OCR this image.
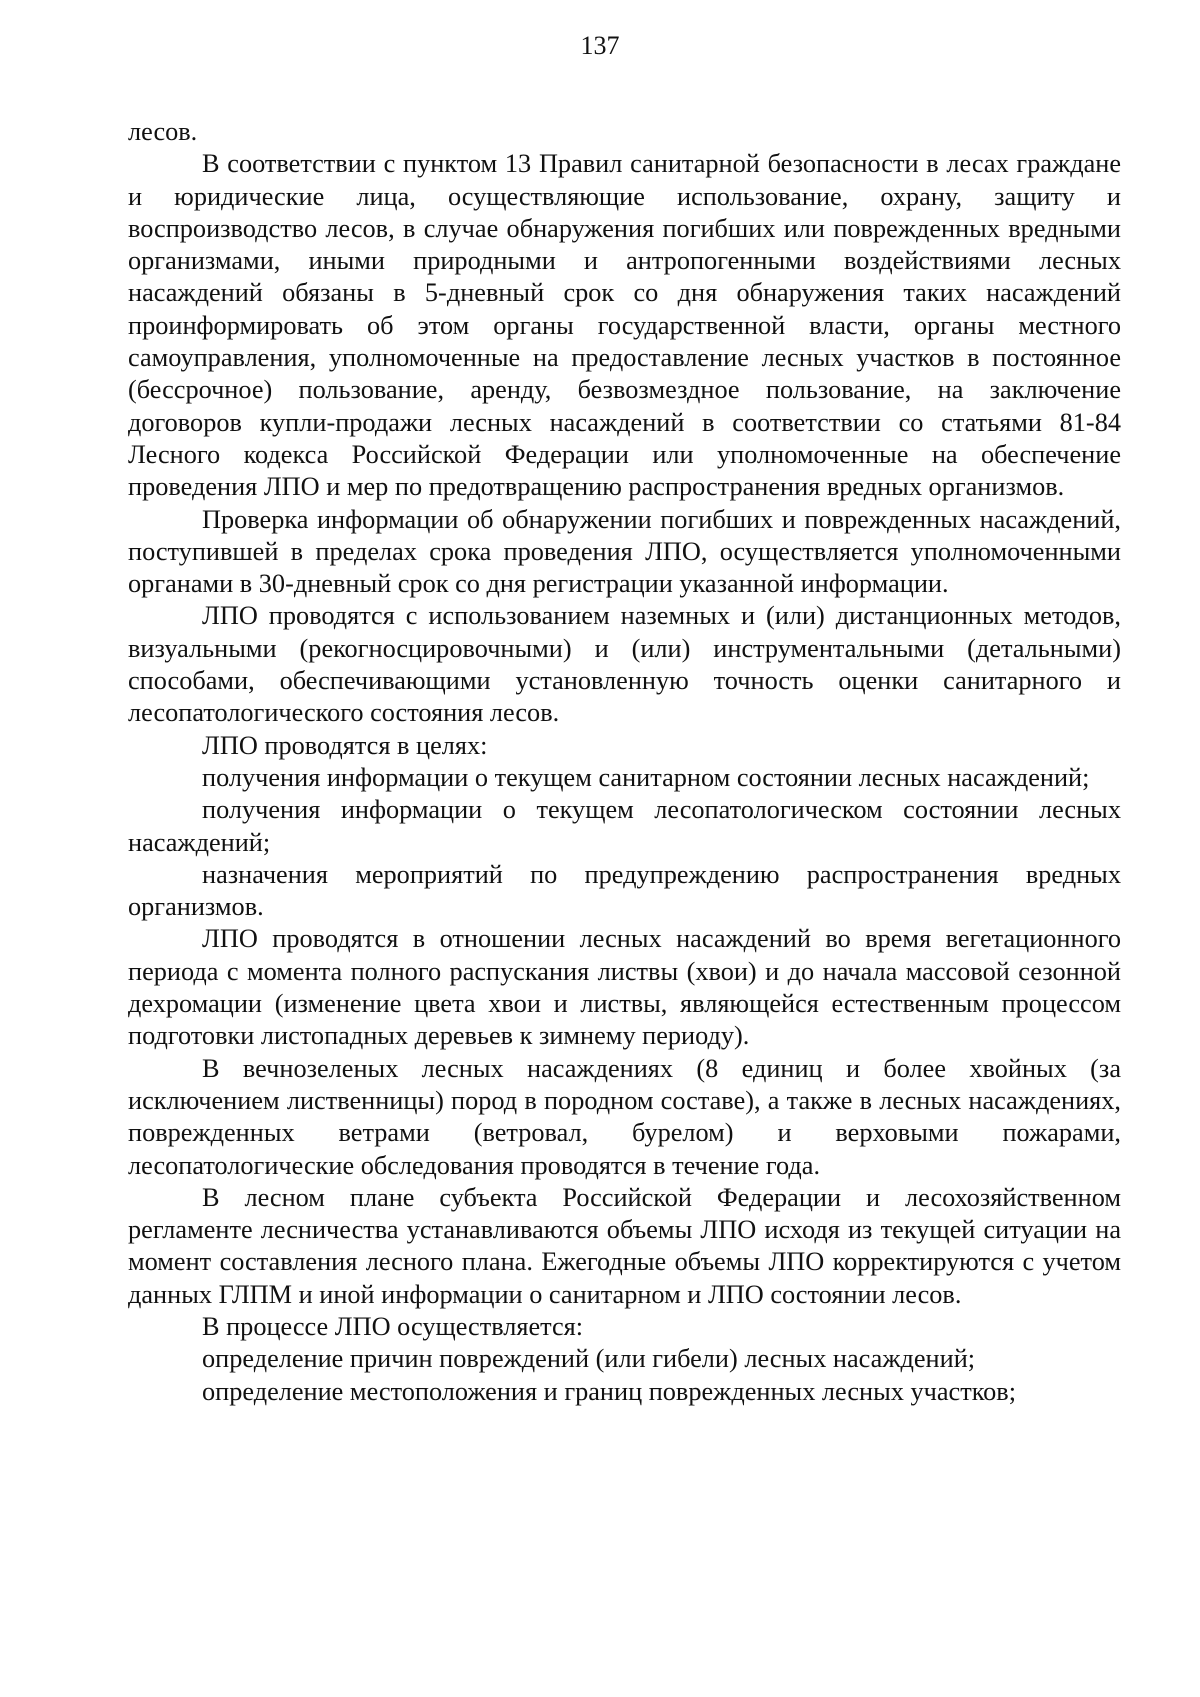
137

лесов.

В соответствии с пунктом 13 Правил санитарной безопасности в лесах граждане и юридические лица, осуществляющие использование, охрану, защиту и воспроизводство лесов, в случае обнаружения погибших или поврежденных вредными организмами, иными природными и антропогенными воздействиями лесных насаждений обязаны в 5-дневный срок со дня обнаружения таких насаждений проинформировать об этом органы государственной власти, органы местного самоуправления, уполномоченные на предоставление лесных участков в постоянное (бессрочное) пользование, аренду, безвозмездное пользование, на заключение договоров купли-продажи лесных насаждений в соответствии со статьями 81-84 Лесного кодекса Российской Федерации или уполномоченные на обеспечение проведения ЛПО и мер по предотвращению распространения вредных организмов.

Проверка информации об обнаружении погибших и поврежденных насаждений, поступившей в пределах срока проведения ЛПО, осуществляется уполномоченными органами в 30-дневный срок со дня регистрации указанной информации.

ЛПО проводятся с использованием наземных и (или) дистанционных методов, визуальными (рекогносцировочными) и (или) инструментальными (детальными) способами, обеспечивающими установленную точность оценки санитарного и лесопатологического состояния лесов.

ЛПО проводятся в целях:

получения информации о текущем санитарном состоянии лесных насаждений;

получения информации о текущем лесопатологическом состоянии лесных насаждений;

назначения мероприятий по предупреждению распространения вредных организмов.

ЛПО проводятся в отношении лесных насаждений во время вегетационного периода с момента полного распускания листвы (хвои) и до начала массовой сезонной дехромации (изменение цвета хвои и листвы, являющейся естественным процессом подготовки листопадных деревьев к зимнему периоду).

В вечнозеленых лесных насаждениях (8 единиц и более хвойных (за исключением лиственницы) пород в породном составе), а также в лесных насаждениях, поврежденных ветрами (ветровал, бурелом) и верховыми пожарами, лесопатологические обследования проводятся в течение года.

В лесном плане субъекта Российской Федерации и лесохозяйственном регламенте лесничества устанавливаются объемы ЛПО исходя из текущей ситуации на момент составления лесного плана. Ежегодные объемы ЛПО корректируются с учетом данных ГЛПМ и иной информации о санитарном и ЛПО состоянии лесов.

В процессе ЛПО осуществляется:

определение причин повреждений (или гибели) лесных насаждений;

определение местоположения и границ поврежденных лесных участков;
